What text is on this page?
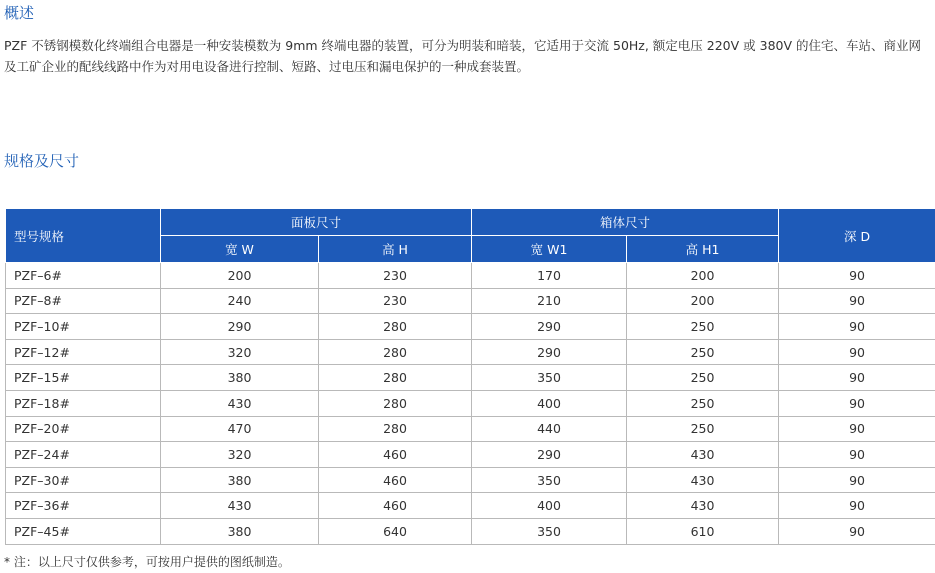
概述
PZF 不锈钢模数化终端组合电器是一种安装模数为 9mm 终端电器的装置，可分为明装和暗装，它适用于交流 50Hz, 额定电压 220V 或 380V 的住宅、车站、商业网及工矿企业的配线线路中作为对用电设备进行控制、短路、过电压和漏电保护的一种成套装置。
规格及尺寸
型号规格	面板尺寸		箱体尺寸		深 D
	宽 W	高 H	宽 W1	高 H1	
PZF–6#	200	230	170	200	90
PZF–8#	240	230	210	200	90
PZF–10#	290	280	290	250	90
PZF–12#	320	280	290	250	90
PZF–15#	380	280	350	250	90
PZF–18#	430	280	400	250	90
PZF–20#	470	280	440	250	90
PZF–24#	320	460	290	430	90
PZF–30#	380	460	350	430	90
PZF–36#	430	460	400	430	90
PZF–45#	380	640	350	610	90
* 注：以上尺寸仅供参考，可按用户提供的图纸制造。
